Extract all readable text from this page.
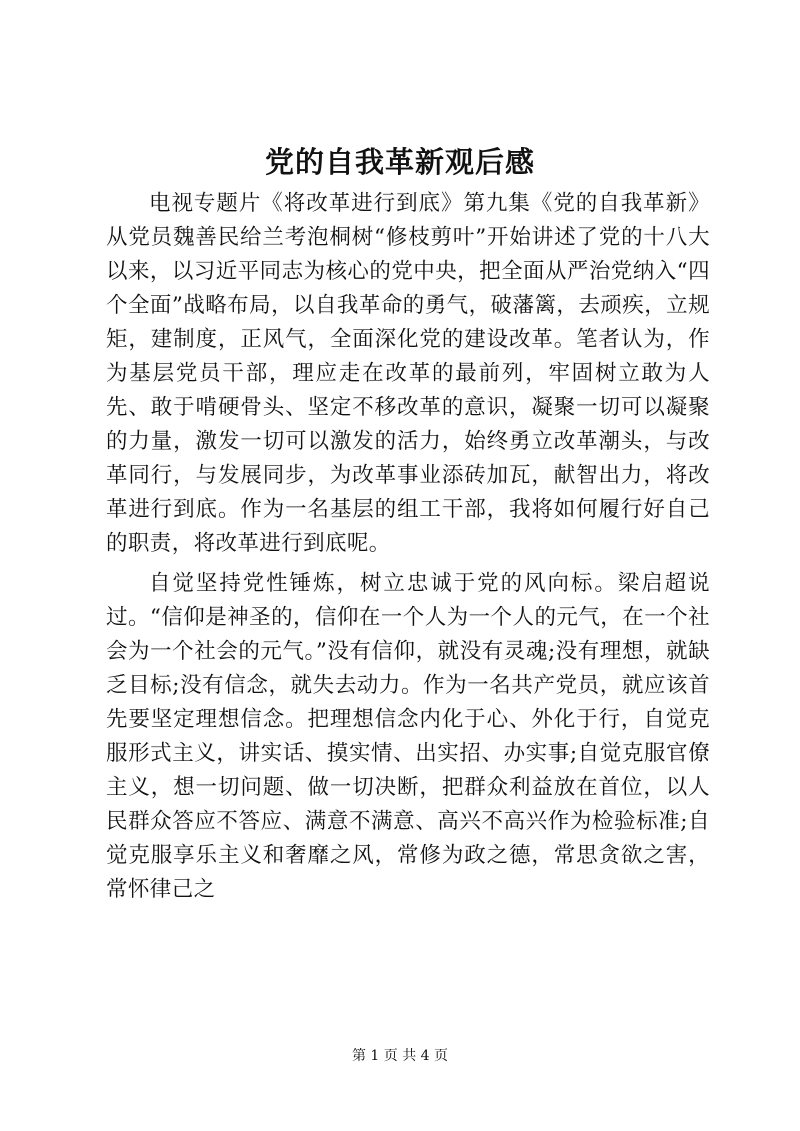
党的自我革新观后感

电视专题片《将改革进行到底》第九集《党的自我革新》从党员魏善民给兰考泡桐树“修枝剪叶”开始讲述了党的十八大以来，以习近平同志为核心的党中央，把全面从严治党纳入“四个全面”战略布局，以自我革命的勇气，破藩篱，去顽疾，立规矩，建制度，正风气，全面深化党的建设改革。笔者认为，作为基层党员干部，理应走在改革的最前列，牢固树立敢为人先、敢于啃硬骨头、坚定不移改革的意识，凝聚一切可以凝聚的力量，激发一切可以激发的活力，始终勇立改革潮头，与改革同行，与发展同步，为改革事业添砖加瓦，献智出力，将改革进行到底。作为一名基层的组工干部，我将如何履行好自己的职责，将改革进行到底呢。

自觉坚持党性锤炼，树立忠诚于党的风向标。梁启超说过。“信仰是神圣的，信仰在一个人为一个人的元气，在一个社会为一个社会的元气。”没有信仰，就没有灵魂;没有理想，就缺乏目标;没有信念，就失去动力。作为一名共产党员，就应该首先要坚定理想信念。把理想信念内化于心、外化于行，自觉克服形式主义，讲实话、摸实情、出实招、办实事;自觉克服官僚主义，想一切问题、做一切决断，把群众利益放在首位，以人民群众答应不答应、满意不满意、高兴不高兴作为检验标准;自觉克服享乐主义和奢靡之风，常修为政之德，常思贪欲之害，常怀律己之

第 1 页 共 4 页
